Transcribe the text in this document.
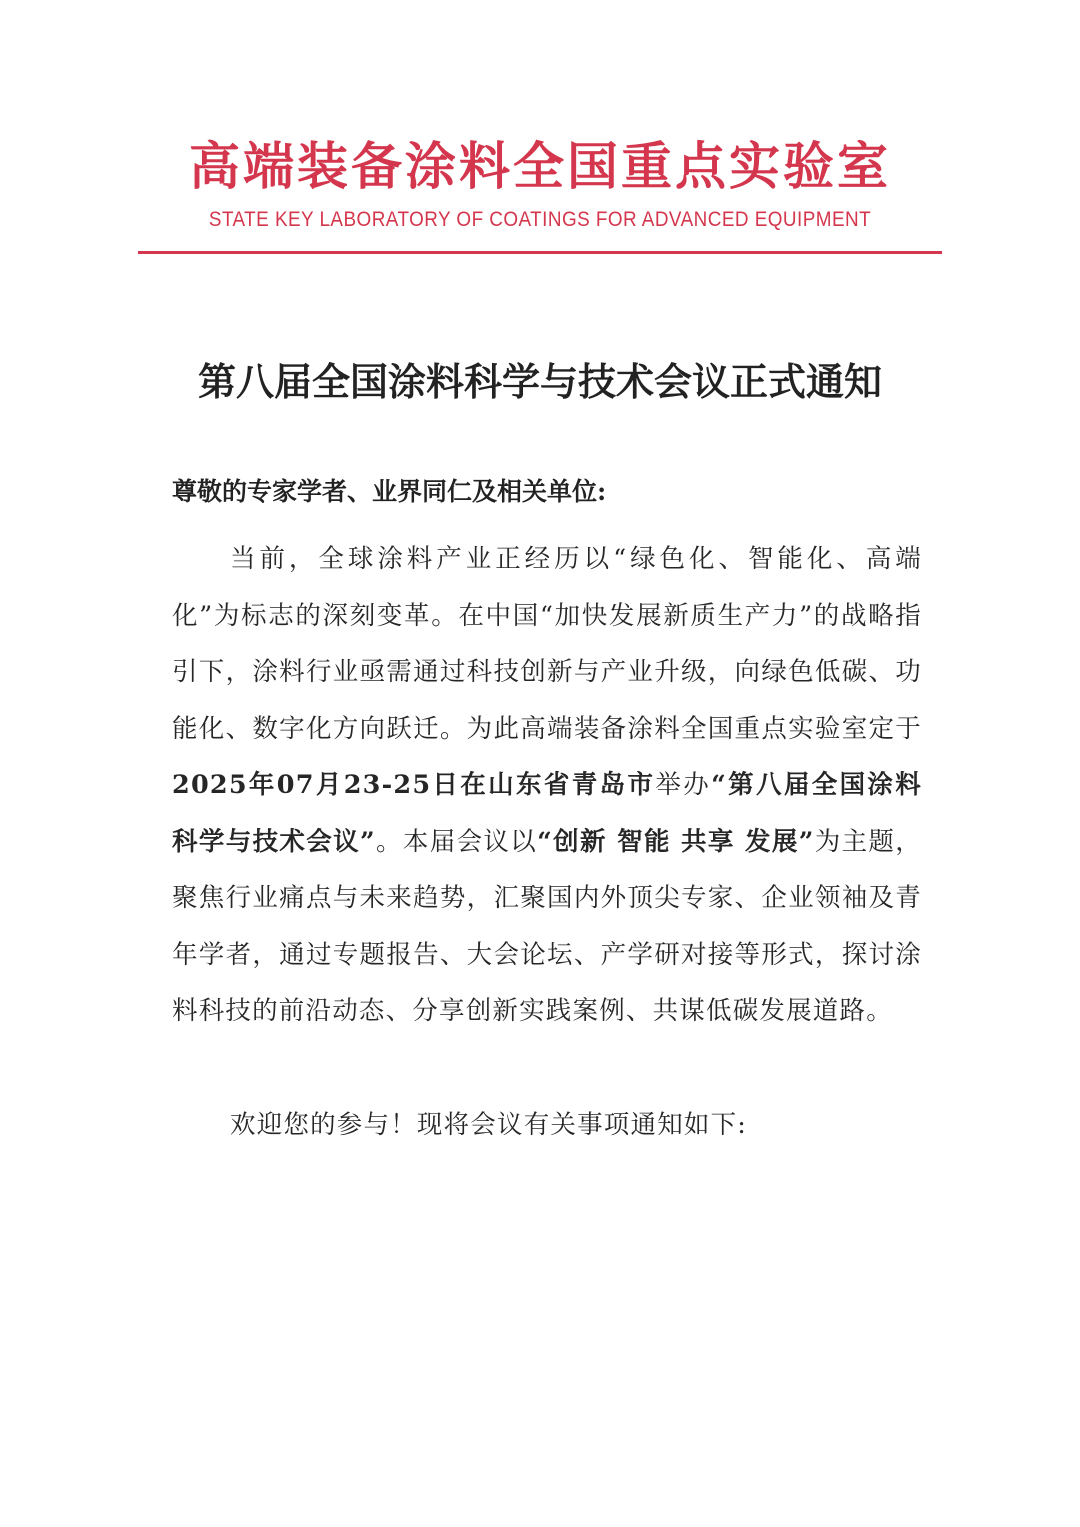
高端装备涂料全国重点实验室
STATE KEY LABORATORY OF COATINGS FOR ADVANCED EQUIPMENT
第八届全国涂料科学与技术会议正式通知
尊敬的专家学者、业界同仁及相关单位:
当前，全球涂料产业正经历以“绿色化、智能化、高端化”为标志的深刻变革。在中国“加快发展新质生产力”的战略指引下，涂料行业亟需通过科技创新与产业升级，向绿色低碳、功能化、数字化方向跃迁。为此高端装备涂料全国重点实验室定于2025年07月23-25日在山东省青岛市举办“第八届全国涂料科学与技术会议”。本届会议以“创新 智能 共享 发展”为主题，聚焦行业痛点与未来趋势，汇聚国内外顶尖专家、企业领袖及青年学者，通过专题报告、大会论坛、产学研对接等形式，探讨涂料科技的前沿动态、分享创新实践案例、共谋低碳发展道路。
欢迎您的参与！现将会议有关事项通知如下:
